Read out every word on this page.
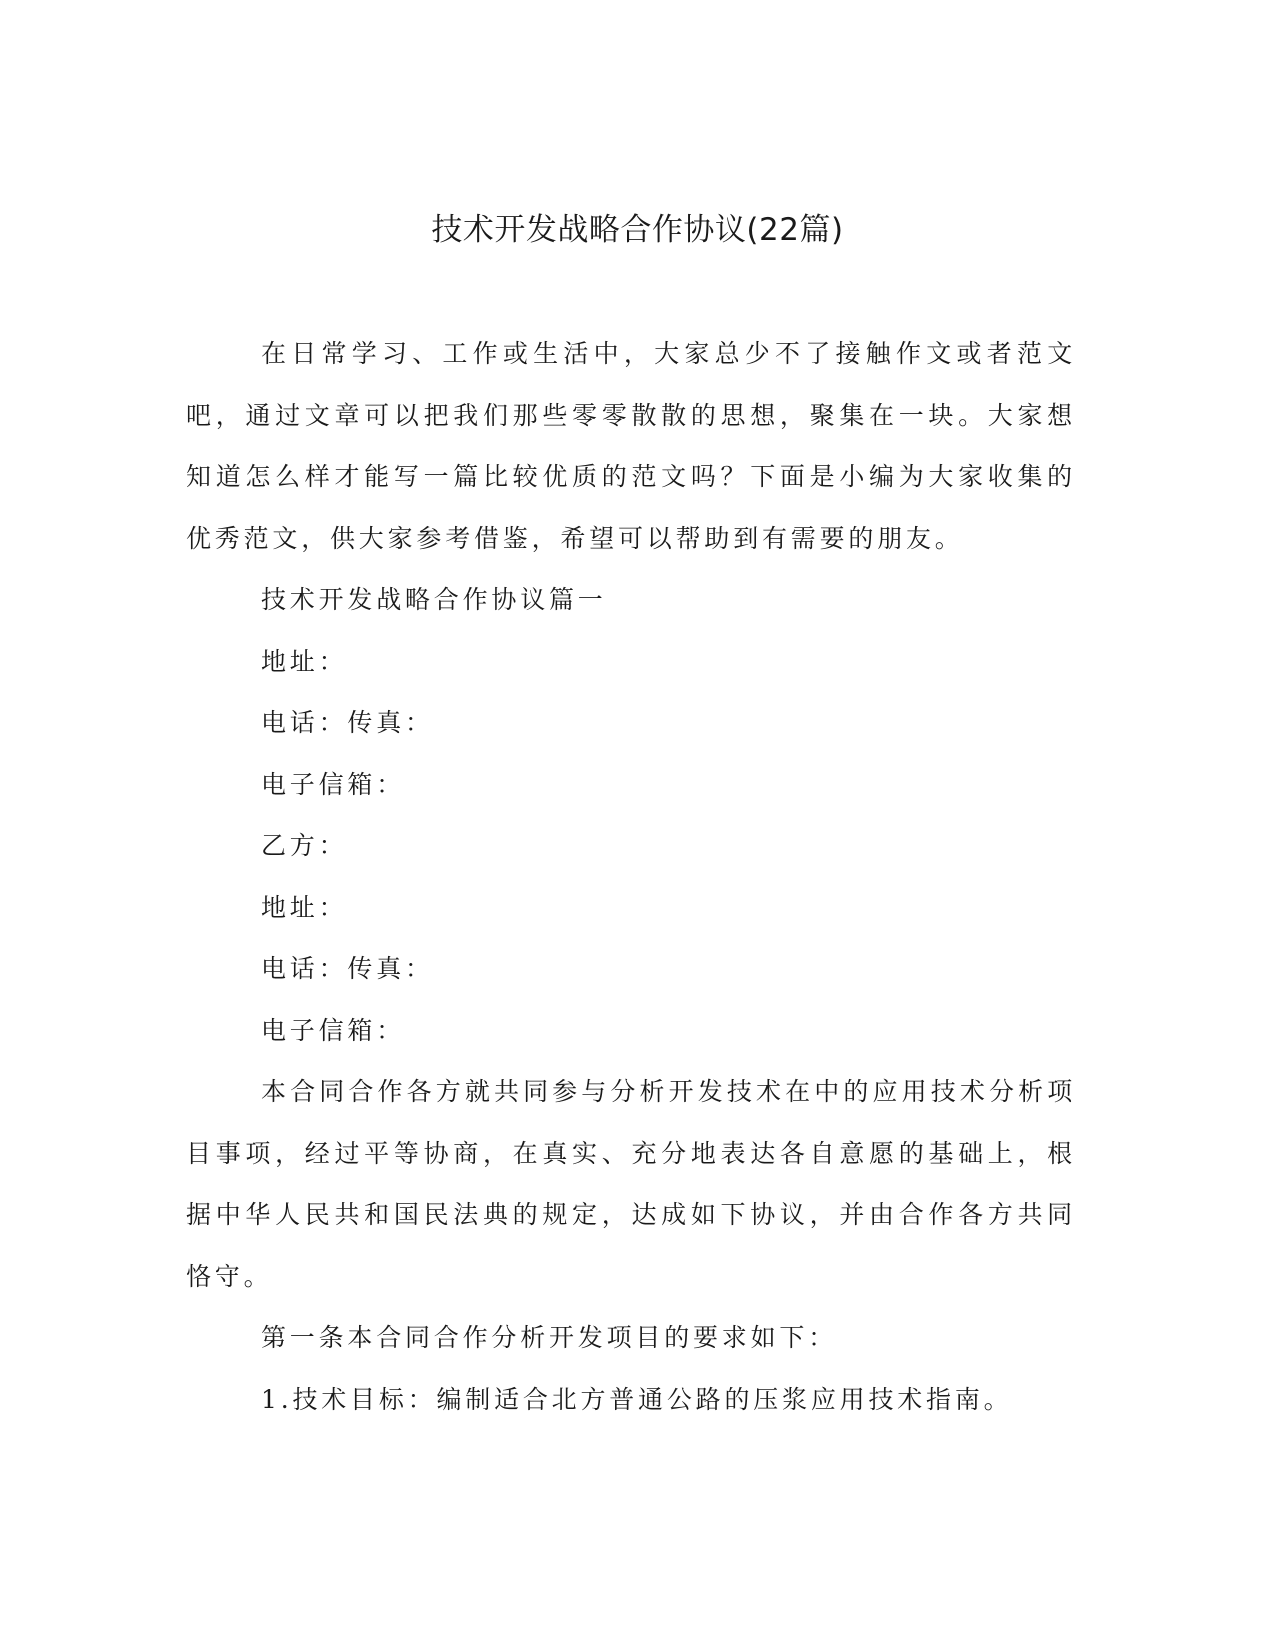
技术开发战略合作协议(22篇)

在日常学习、工作或生活中，大家总少不了接触作文或者范文吧，通过文章可以把我们那些零零散散的思想，聚集在一块。大家想知道怎么样才能写一篇比较优质的范文吗？下面是小编为大家收集的优秀范文，供大家参考借鉴，希望可以帮助到有需要的朋友。

技术开发战略合作协议篇一

地址：

电话：传真：

电子信箱：

乙方：

地址：

电话：传真：

电子信箱：

本合同合作各方就共同参与分析开发技术在中的应用技术分析项目事项，经过平等协商，在真实、充分地表达各自意愿的基础上，根据中华人民共和国民法典的规定，达成如下协议，并由合作各方共同恪守。

第一条本合同合作分析开发项目的要求如下：

1.技术目标：编制适合北方普通公路的压浆应用技术指南。
